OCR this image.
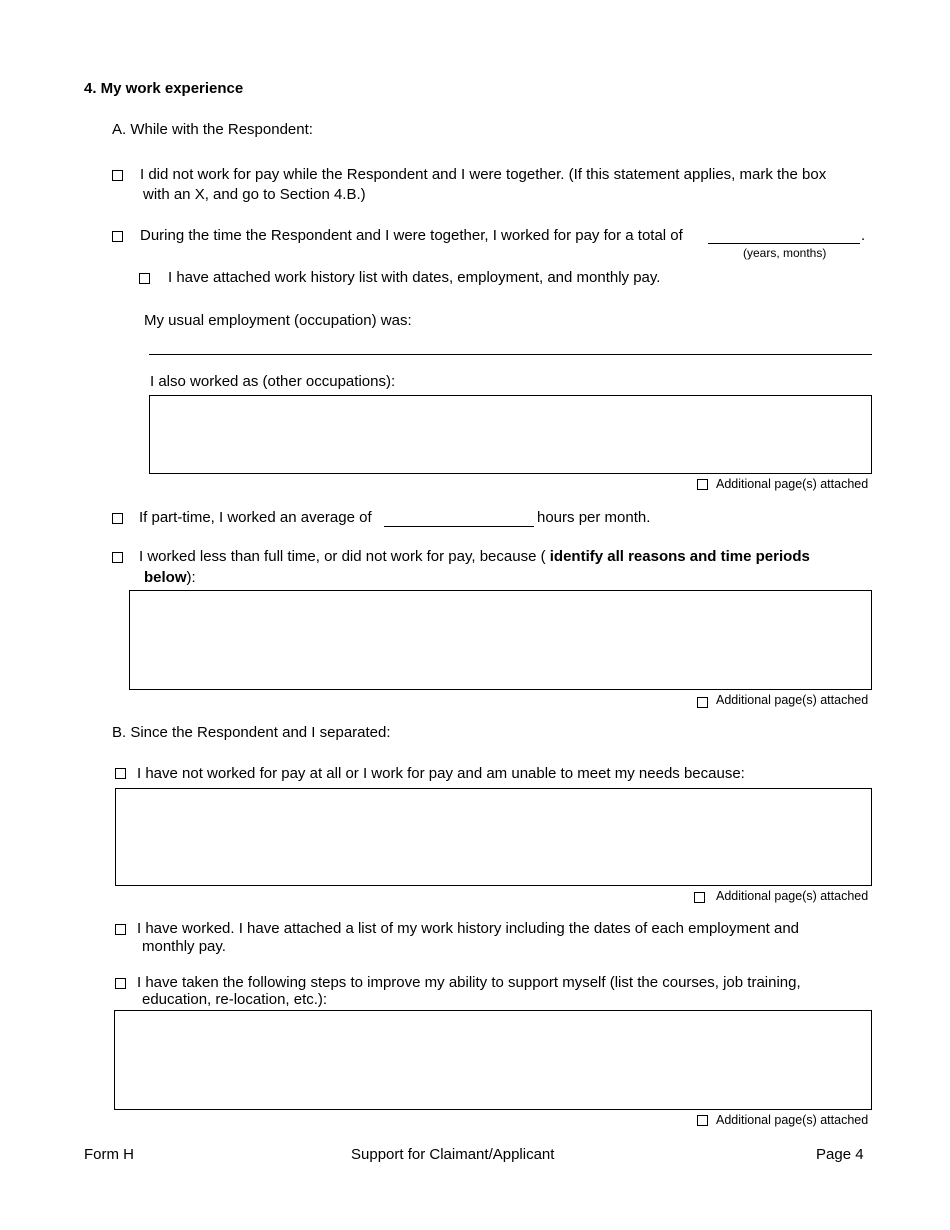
4. My work experience
A. While with the Respondent:
I did not work for pay while the Respondent and I were together. (If this statement applies, mark the box
with an X, and go to Section 4.B.)
During the time the Respondent and I were together, I worked for pay for a total of	.
(years, months)
I have attached work history list with dates, employment, and monthly pay.
My usual employment (occupation) was:
I also worked as (other occupations):
Additional page(s) attached
If part-time, I worked an average of	hours per month.
I worked less than full time, or did not work for pay, because ( identify all reasons and time periods
below):
Additional page(s) attached
B. Since the Respondent and I separated:
I have not worked for pay at all or I work for pay and am unable to meet my needs because:
Additional page(s) attached
I have worked. I have attached a list of my work history including the dates of each employment and
monthly pay.
I have taken the following steps to improve my ability to support myself (list the courses, job training,
education, re-location, etc.):
Additional page(s) attached
Form H	Support for Claimant/Applicant	Page 4
